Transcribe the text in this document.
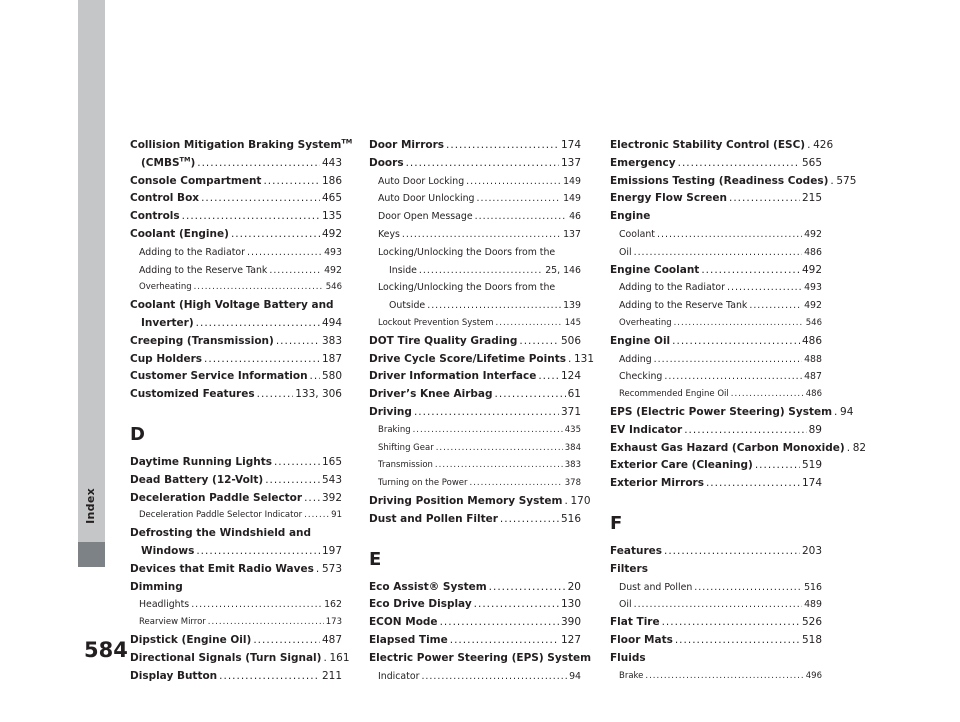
Index
584
Collision Mitigation Braking System™
(CMBS™) .....	443
Console Compartment .....	186
Control Box .....	465
Controls .....	135
Coolant (Engine) .....	492
Adding to the Radiator .....	493
Adding to the Reserve Tank .....	492
Overheating .....	546
Coolant (High Voltage Battery and
Inverter) .....	494
Creeping (Transmission) .....	383
Cup Holders .....	187
Customer Service Information ..... 580
Customized Features .....	133, 306
D
Daytime Running Lights .....	165
Dead Battery (12-Volt) .....	543
Deceleration Paddle Selector ..... 392
Deceleration Paddle Selector Indicator .....	91
Defrosting the Windshield and
Windows .....	197
Devices that Emit Radio Waves ..... 573
Dimming
Headlights .....	162
Rearview Mirror .....	173
Dipstick (Engine Oil) .....	487
Directional Signals (Turn Signal) ..... 161
Display Button .....	211
Door Mirrors .....	174
Doors .....	137
Auto Door Locking .....	149
Auto Door Unlocking .....	149
Door Open Message .....	46
Keys .....	137
Locking/Unlocking the Doors from the
Inside .....	25, 146
Locking/Unlocking the Doors from the
Outside .....	139
Lockout Prevention System .....	145
DOT Tire Quality Grading .....	506
Drive Cycle Score/Lifetime Points ..... 131
Driver Information Interface ..... 124
Driver’s Knee Airbag .....	61
Driving .....	371
Braking .....	435
Shifting Gear .....	384
Transmission .....	383
Turning on the Power .....	378
Driving Position Memory System ..... 170
Dust and Pollen Filter .....	516
E
Eco Assist® System .....	20
Eco Drive Display .....	130
ECON Mode .....	390
Elapsed Time .....	127
Electric Power Steering (EPS) System
Indicator .....	94
Electronic Stability Control (ESC) ..... 426
Emergency .....	565
Emissions Testing (Readiness Codes) ..... 575
Energy Flow Screen .....	215
Engine
Coolant .....	492
Oil .....	486
Engine Coolant .....	492
Adding to the Radiator .....	493
Adding to the Reserve Tank .....	492
Overheating .....	546
Engine Oil .....	486
Adding .....	488
Checking .....	487
Recommended Engine Oil .....	486
EPS (Electric Power Steering) System ..... 94
EV Indicator .....	89
Exhaust Gas Hazard (Carbon Monoxide) ..... 82
Exterior Care (Cleaning) .....	519
Exterior Mirrors .....	174
F
Features .....	203
Filters
Dust and Pollen .....	516
Oil .....	489
Flat Tire .....	526
Floor Mats .....	518
Fluids
Brake .....	496
